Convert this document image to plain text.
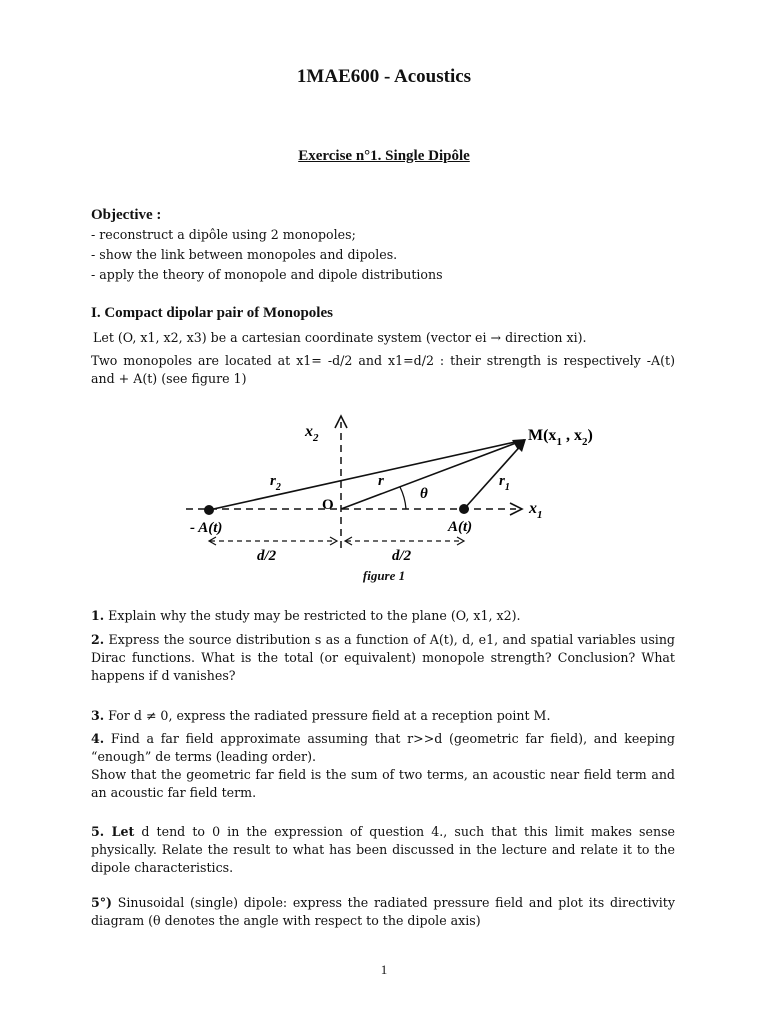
1MAE600 - Acoustics
Exercise n°1. Single Dipôle
Objective :
- reconstruct a dipôle using 2 monopoles;
- show the link between monopoles and dipoles.
- apply the theory of monopole and dipole distributions
I. Compact dipolar pair of Monopoles
Let (O, x1, x2, x3) be a cartesian coordinate system (vector ei → direction xi).
Two monopoles are located at x1= -d/2 and x1=d/2 : their strength is respectively -A(t) and + A(t) (see figure 1)
$x_2$	$M(x_1$ , $x_2$)
$x_1$
$r_2$	r	$r_1$
θ
O
- A(t)	A(t)
d/2	d/2
figure 1
1. Explain why the study may be restricted to the plane (O, x1, x2).
2. Express the source distribution s as a function of A(t), d, e1, and spatial variables using Dirac functions. What is the total (or equivalent) monopole strength? Conclusion? What happens if d vanishes?
3. For d ≠ 0, express the radiated pressure field at a reception point M.
4. Find a far field approximate assuming that r>>d (geometric far field), and keeping “enough” de terms (leading order).
Show that the geometric far field is the sum of two terms, an acoustic near field term and an acoustic far field term.
5. Let d tend to 0 in the expression of question 4., such that this limit makes sense physically. Relate the result to what has been discussed in the lecture and relate it to the dipole characteristics.
5°) Sinusoidal (single) dipole: express the radiated pressure field and plot its directivity diagram (θ denotes the angle with respect to the dipole axis)
1
